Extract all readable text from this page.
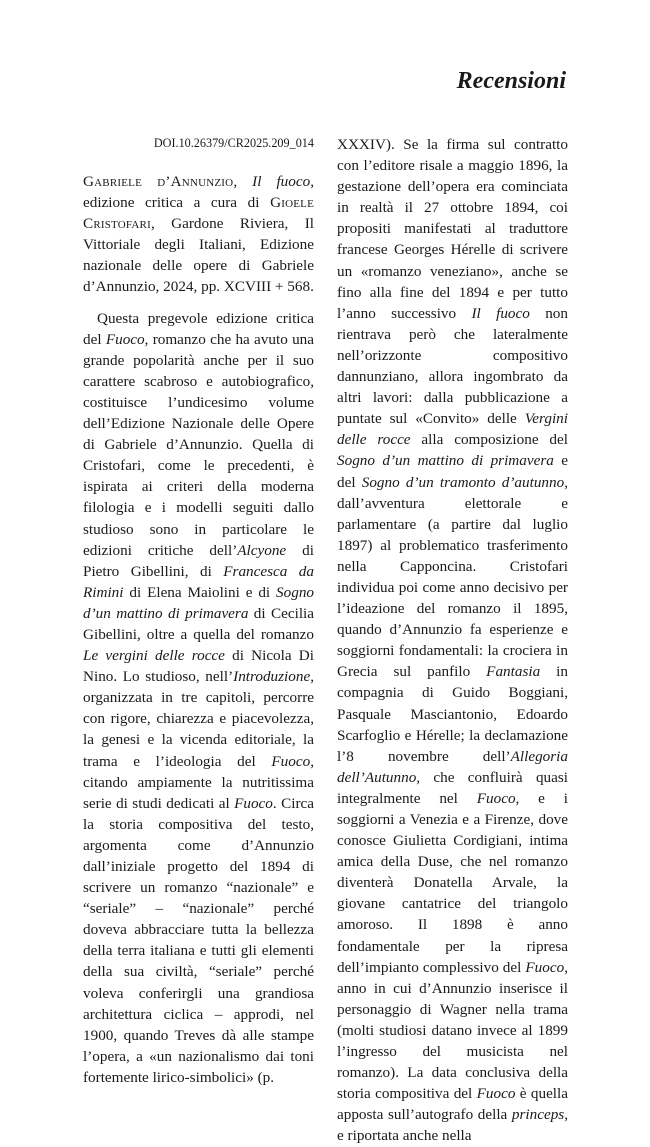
Recensioni
DOI.10.26379/CR2025.209_014

Gabriele d’Annunzio, Il fuoco, edizione critica a cura di Gioele Cristofari, Gardone Riviera, Il Vittoriale degli Italiani, Edizione nazionale delle opere di Gabriele d’Annunzio, 2024, pp. XCVIII + 568.

Questa pregevole edizione critica del Fuoco, romanzo che ha avuto una grande popolarità anche per il suo carattere scabroso e autobiografico, costituisce l’undicesimo volume dell’Edizione Nazionale delle Opere di Gabriele d’Annunzio. Quella di Cristofari, come le precedenti, è ispirata ai criteri della moderna filologia e i modelli seguiti dallo studioso sono in particolare le edizioni critiche dell’Alcyone di Pietro Gibellini, di Francesca da Rimini di Elena Maiolini e di Sogno d’un mattino di primavera di Cecilia Gibellini, oltre a quella del romanzo Le vergini delle rocce di Nicola Di Nino. Lo studioso, nell’Introduzione, organizzata in tre capitoli, percorre con rigore, chiarezza e piacevolezza, la genesi e la vicenda editoriale, la trama e l’ideologia del Fuoco, citando ampiamente la nutritissima serie di studi dedicati al Fuoco. Circa la storia compositiva del testo, argomenta come d’Annunzio dall’iniziale progetto del 1894 di scrivere un romanzo “nazionale” e “seriale” – “nazionale” perché doveva abbracciare tutta la bellezza della terra italiana e tutti gli elementi della sua civiltà, “seriale” perché voleva conferirgli una grandiosa architettura ciclica – approdi, nel 1900, quando Treves dà alle stampe l’opera, a «un nazionalismo dai toni fortemente lirico-simbolici» (p.

XXXIV). Se la firma sul contratto con l’editore risale a maggio 1896, la gestazione dell’opera era cominciata in realtà il 27 ottobre 1894, coi propositi manifestati al traduttore francese Georges Hérelle di scrivere un «romanzo veneziano», anche se fino alla fine del 1894 e per tutto l’anno successivo Il fuoco non rientrava però che lateralmente nell’orizzonte compositivo dannunziano, allora ingombrato da altri lavori: dalla pubblicazione a puntate sul «Convito» delle Vergini delle rocce alla composizione del Sogno d’un mattino di primavera e del Sogno d’un tramonto d’autunno, dall’avventura elettorale e parlamentare (a partire dal luglio 1897) al problematico trasferimento nella Capponcina. Cristofari individua poi come anno decisivo per l’ideazione del romanzo il 1895, quando d’Annunzio fa esperienze e soggiorni fondamentali: la crociera in Grecia sul panfilo Fantasia in compagnia di Guido Boggiani, Pasquale Masciantonio, Edoardo Scarfoglio e Hérelle; la declamazione l’8 novembre dell’Allegoria dell’Autunno, che confluirà quasi integralmente nel Fuoco, e i soggiorni a Venezia e a Firenze, dove conosce Giulietta Cordigiani, intima amica della Duse, che nel romanzo diventerà Donatella Arvale, la giovane cantatrice del triangolo amoroso. Il 1898 è anno fondamentale per la ripresa dell’impianto complessivo del Fuoco, anno in cui d’Annunzio inserisce il personaggio di Wagner nella trama (molti studiosi datano invece al 1899 l’ingresso del musicista nel romanzo). La data conclusiva della storia compositiva del Fuoco è quella apposta sull’autografo della princeps, e riportata anche nella
